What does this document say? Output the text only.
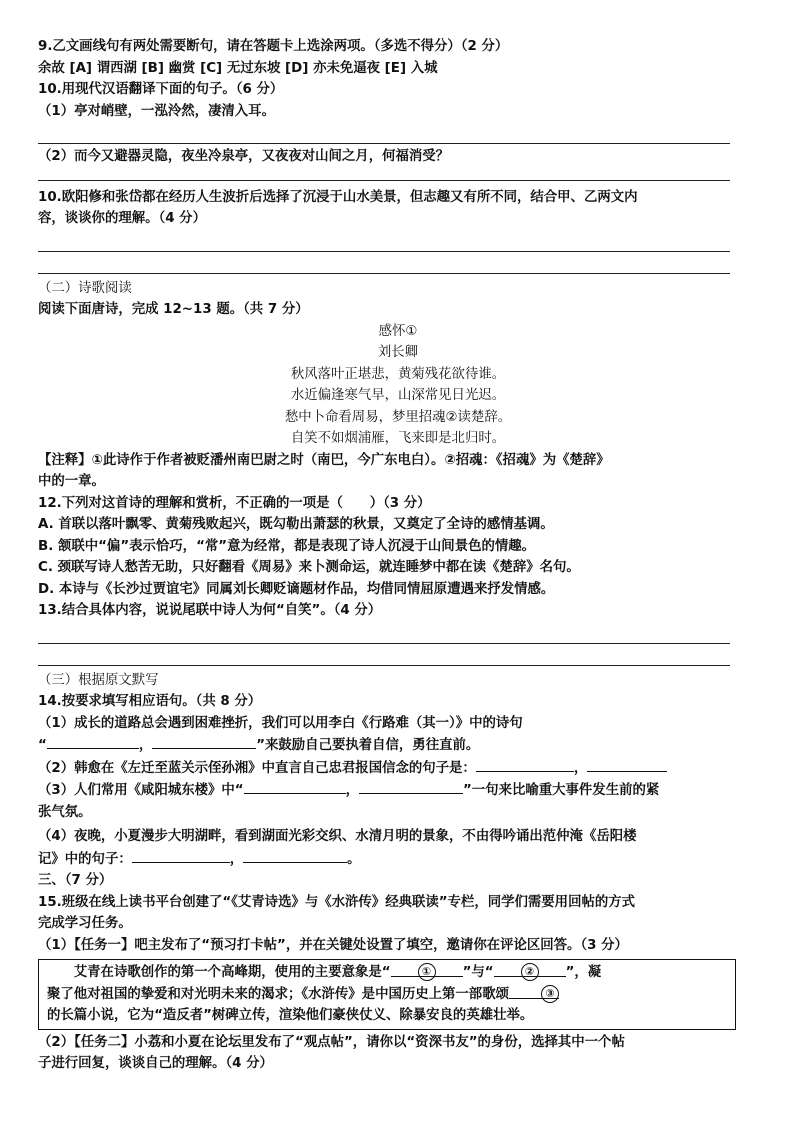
9.乙文画线句有两处需要断句，请在答题卡上选涂两项。（多选不得分）（2 分）
余故 [A] 谓西湖 [B] 幽赏 [C] 无过东坡 [D] 亦未免逼夜 [E] 入城
10.用现代汉语翻译下面的句子。（6 分）
（1）亭对峭壁，一泓泠然，凄清入耳。
（2）而今又避器灵隐，夜坐冷泉亭，又夜夜对山间之月，何福消受？
10.欧阳修和张岱都在经历人生波折后选择了沉浸于山水美景，但志趣又有所不同，结合甲、乙两文内
容，谈谈你的理解。（4 分）
（二）诗歌阅读
阅读下面唐诗，完成 12~13 题。（共 7 分）
感怀①
刘长卿
秋风落叶正堪悲，黄菊残花欲待谁。
水近偏逢寒气早，山深常见日光迟。
愁中卜命看周易，梦里招魂②读楚辞。
自笑不如烟浦雁，飞来即是北归时。
【注释】①此诗作于作者被贬潘州南巴尉之时（南巴，今广东电白）。②招魂：《招魂》为《楚辞》
中的一章。
12.下列对这首诗的理解和赏析，不正确的一项是（　　）（3 分）
A. 首联以落叶飘零、黄菊残败起兴，既勾勒出萧瑟的秋景，又奠定了全诗的感情基调。
B. 颔联中“偏”表示恰巧，“常”意为经常，都是表现了诗人沉浸于山间景色的情趣。
C. 颈联写诗人愁苦无助，只好翻看《周易》来卜测命运，就连睡梦中都在读《楚辞》名句。
D. 本诗与《长沙过贾谊宅》同属刘长卿贬谪题材作品，均借同情屈原遭遇来抒发情感。
13.结合具体内容，说说尾联中诗人为何“自笑”。（4 分）
（三）根据原文默写
14.按要求填写相应语句。（共 8 分）
（1）成长的道路总会遇到困难挫折，我们可以用李白《行路难（其一）》中的诗句
“	，	”来鼓励自己要执着自信，勇往直前。
（2）韩愈在《左迁至蓝关示侄孙湘》中直言自己忠君报国信念的句子是：	，
（3）人们常用《咸阳城东楼》中“	，	”一句来比喻重大事件发生前的紧
张气氛。
（4）夜晚，小夏漫步大明湖畔，看到湖面光彩交织、水清月明的景象，不由得吟诵出范仲淹《岳阳楼
记》中的句子：	，	。
三、（7 分）
15.班级在线上读书平台创建了“《艾青诗选》与《水浒传》经典联读”专栏，同学们需要用回帖的方式
完成学习任务。
（1）【任务一】吧主发布了“预习打卡帖”，并在关键处设置了填空，邀请你在评论区回答。（3 分）
　　艾青在诗歌创作的第一个高峰期，使用的主要意象是“	① ”与“	② ”，凝
聚了他对祖国的挚爱和对光明未来的渴求；《水浒传》是中国历史上第一部歌颂	③
的长篇小说，它为“造反者”树碑立传，渲染他们豪侠仗义、除暴安良的英雄壮举。
（2）【任务二】小荔和小夏在论坛里发布了“观点帖”，请你以“资深书友”的身份，选择其中一个帖
子进行回复，谈谈自己的理解。（4 分）
